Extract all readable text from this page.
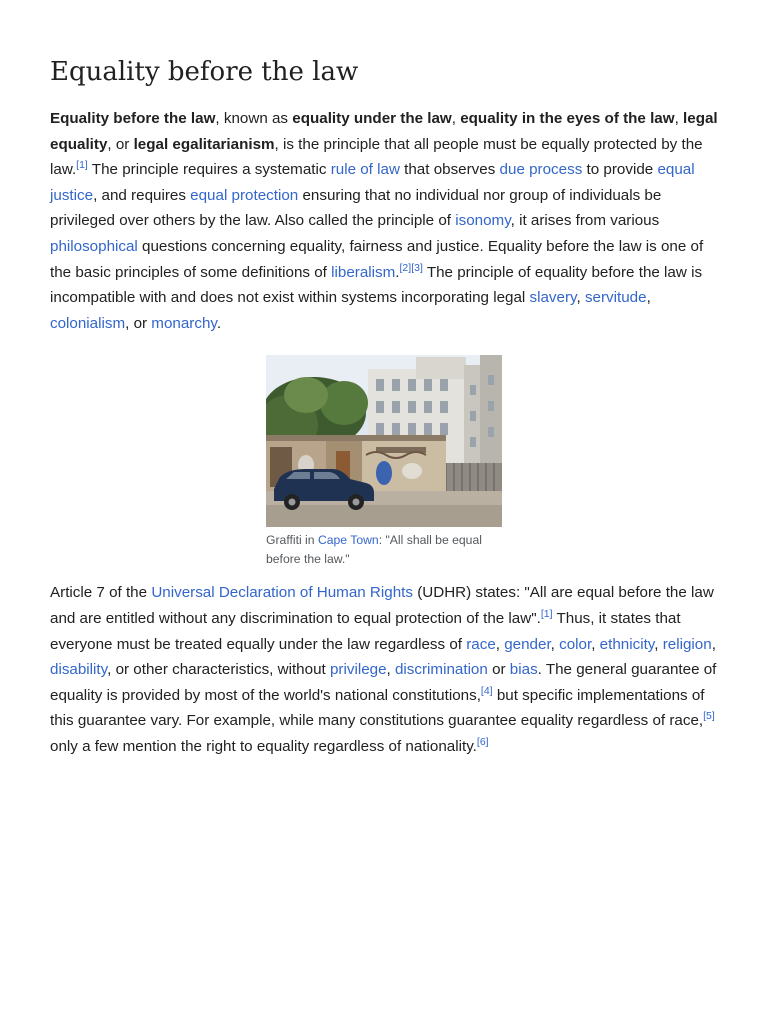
Equality before the law

Equality before the law, known as equality under the law, equality in the eyes of the law, legal equality, or legal egalitarianism, is the principle that all people must be equally protected by the law.[1] The principle requires a systematic rule of law that observes due process to provide equal justice, and requires equal protection ensuring that no individual nor group of individuals be privileged over others by the law. Also called the principle of isonomy, it arises from various philosophical questions concerning equality, fairness and justice. Equality before the law is one of the basic principles of some definitions of liberalism.[2][3] The principle of equality before the law is incompatible with and does not exist within systems incorporating legal slavery, servitude, colonialism, or monarchy.

Graffiti in Cape Town: "All shall be equal before the law."

Article 7 of the Universal Declaration of Human Rights (UDHR) states: "All are equal before the law and are entitled without any discrimination to equal protection of the law".[1] Thus, it states that everyone must be treated equally under the law regardless of race, gender, color, ethnicity, religion, disability, or other characteristics, without privilege, discrimination or bias. The general guarantee of equality is provided by most of the world's national constitutions,[4] but specific implementations of this guarantee vary. For example, while many constitutions guarantee equality regardless of race,[5] only a few mention the right to equality regardless of nationality.[6]
